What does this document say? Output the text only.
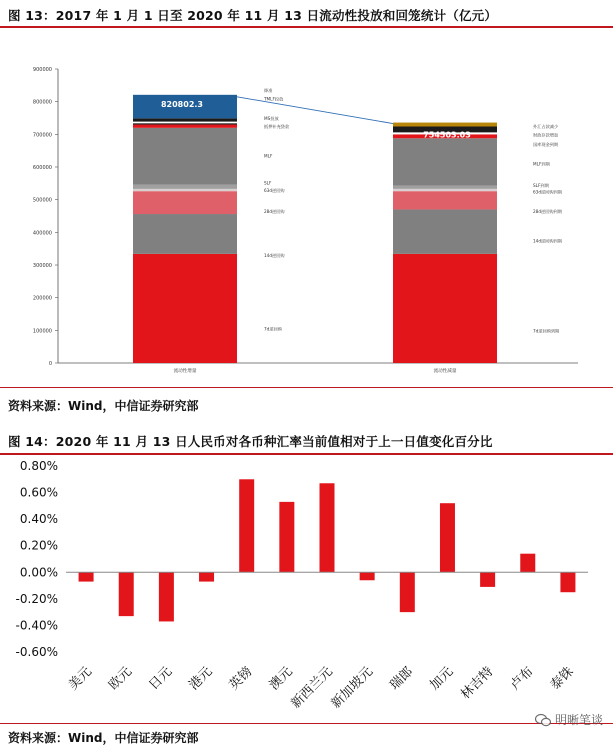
图 13：2017 年 1 月 1 日至 2020 年 11 月 13 日流动性投放和回笼统计（亿元）
0
100000
200000
300000
400000
500000
600000
700000
800000
900000
降准
TMLF投放
MS投放
抵押补充贷款
MLF
SLF
63d逆回购
28d逆回购
14d逆回购
7d逆回购
流动性增量
外汇占款减少
财政存款增加
国库现金到期
MLF到期
SLF到期
63d逆回购到期
28d逆回购到期
14d逆回购到期
7d逆回购到期
流动性减量
820802.3
754503.03
资料来源：Wind，中信证券研究部
图 14：2020 年 11 月 13 日人民币对各币种汇率当前值相对于上一日值变化百分比
-0.60%
-0.40%
-0.20%
0.00%
0.20%
0.40%
0.60%
0.80%
美元 欧元 日元 港元 英镑 澳元
新西兰元
新加坡元 瑞郎 加元 林吉特 卢布 泰铢
资料来源：Wind，中信证券研究部
明晰笔谈
